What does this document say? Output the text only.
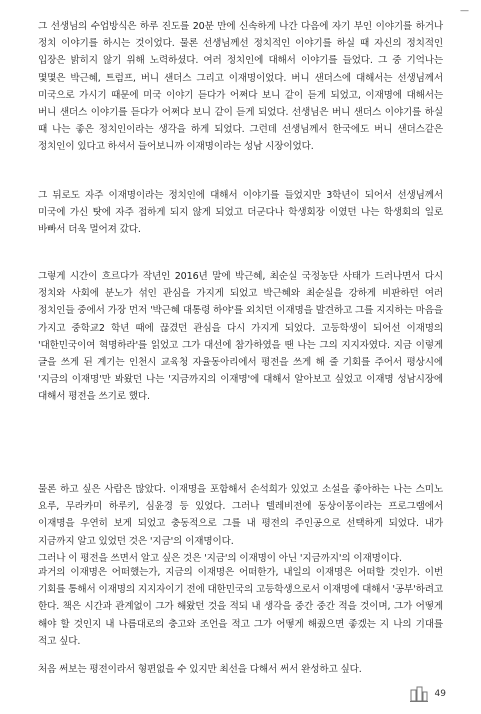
—

그 선생님의 수업방식은 하루 진도를 20분 만에 신속하게 나간 다음에 자기 부인 이야기를 하거나 정치 이야기를 하시는 것이었다. 물론 선생님께선 정치적인 이야기를 하실 때 자신의 정치적인 입장은 밝히지 않기 위해 노력하셨다. 여러 정치인에 대해서 이야기를 들었다. 그 중 기억나는 몇몇은 박근혜, 트럼프, 버니 샌더스 그리고 이재명이었다. 버니 샌더스에 대해서는 선생님께서 미국으로 가시기 때문에 미국 이야기 듣다가 어쩌다 보니 같이 듣게 되었고, 이재명에 대해서는 버니 샌더스 이야기를 듣다가 어쩌다 보니 같이 듣게 되었다. 선생님은 버니 샌더스 이야기를 하실 때 나는 좋은 정치인이라는 생각을 하게 되었다. 그런데 선생님께서 한국에도 버니 샌더스같은 정치인이 있다고 하셔서 들어보니까 이재명이라는 성남 시장이었다.

그 뒤로도 자주 이재명이라는 정치인에 대해서 이야기를 들었지만 3학년이 되어서 선생님께서 미국에 가신 탓에 자주 접하게 되지 않게 되었고 더군다나 학생회장 이였던 나는 학생회의 일로 바빠서 더욱 멀어져 갔다.

그렇게 시간이 흐르다가 작년인 2016년 말에 박근혜, 최순실 국정농단 사태가 드러나면서 다시 정치와 사회에 분노가 섞인 관심을 가지게 되었고 박근혜와 최순실을 강하게 비판하던 여러 정치인들 중에서 가장 먼저 '박근혜 대통령 하야'를 외치던 이재명을 발견하고 그를 지지하는 마음을 가지고 중학교2 학년 때에 끊겼던 관심을 다시 가지게 되었다. 고등학생이 되어선 이재명의 '대한민국이여 혁명하라'를 읽었고 그가 대선에 참가하였을 땐 나는 그의 지지자였다. 지금 이렇게 글을 쓰게 된 계기는 인천시 교육청 자율동아리에서 평전을 쓰게 해 줄 기회를 주어서 평상시에 '지금의 이재명'만 봐왔던 나는 '지금까지의 이재명'에 대해서 알아보고 싶었고 이재명 성남시장에 대해서 평전을 쓰기로 했다.

물론 하고 싶은 사람은 많았다. 이재명을 포함해서 손석희가 있었고 소설을 좋아하는 나는 스미노 요루, 무라카미 하루키, 심윤경 등 있었다. 그러나 텔레비전에 동상이몽이라는 프로그램에서 이재명을 우연히 보게 되었고 충동적으로 그를 내 평전의 주인공으로 선택하게 되었다. 내가 지금까지 알고 있었던 것은 '지금'의 이재명이다.
그러나 이 평전을 쓰면서 알고 싶은 것은 '지금'의 이재명이 아닌 '지금까지'의 이재명이다.

과거의 이재명은 어떠했는가, 지금의 이재명은 어떠한가, 내일의 이재명은 어떠할 것인가. 이번 기회를 통해서 이재명의 지지자이기 전에 대한민국의 고등학생으로서 이재명에 대해서 '공부'하려고 한다. 책은 시간과 관계없이 그가 해왔던 것을 적되 내 생각을 중간 중간 적을 것이며, 그가 어떻게 해야 할 것인지 내 나름대로의 충고와 조언을 적고 그가 어떻게 해줬으면 좋겠는 지 나의 기대를 적고 싶다.

처음 써보는 평전이라서 형편없을 수 있지만 최선을 다해서 써서 완성하고 싶다.

49
